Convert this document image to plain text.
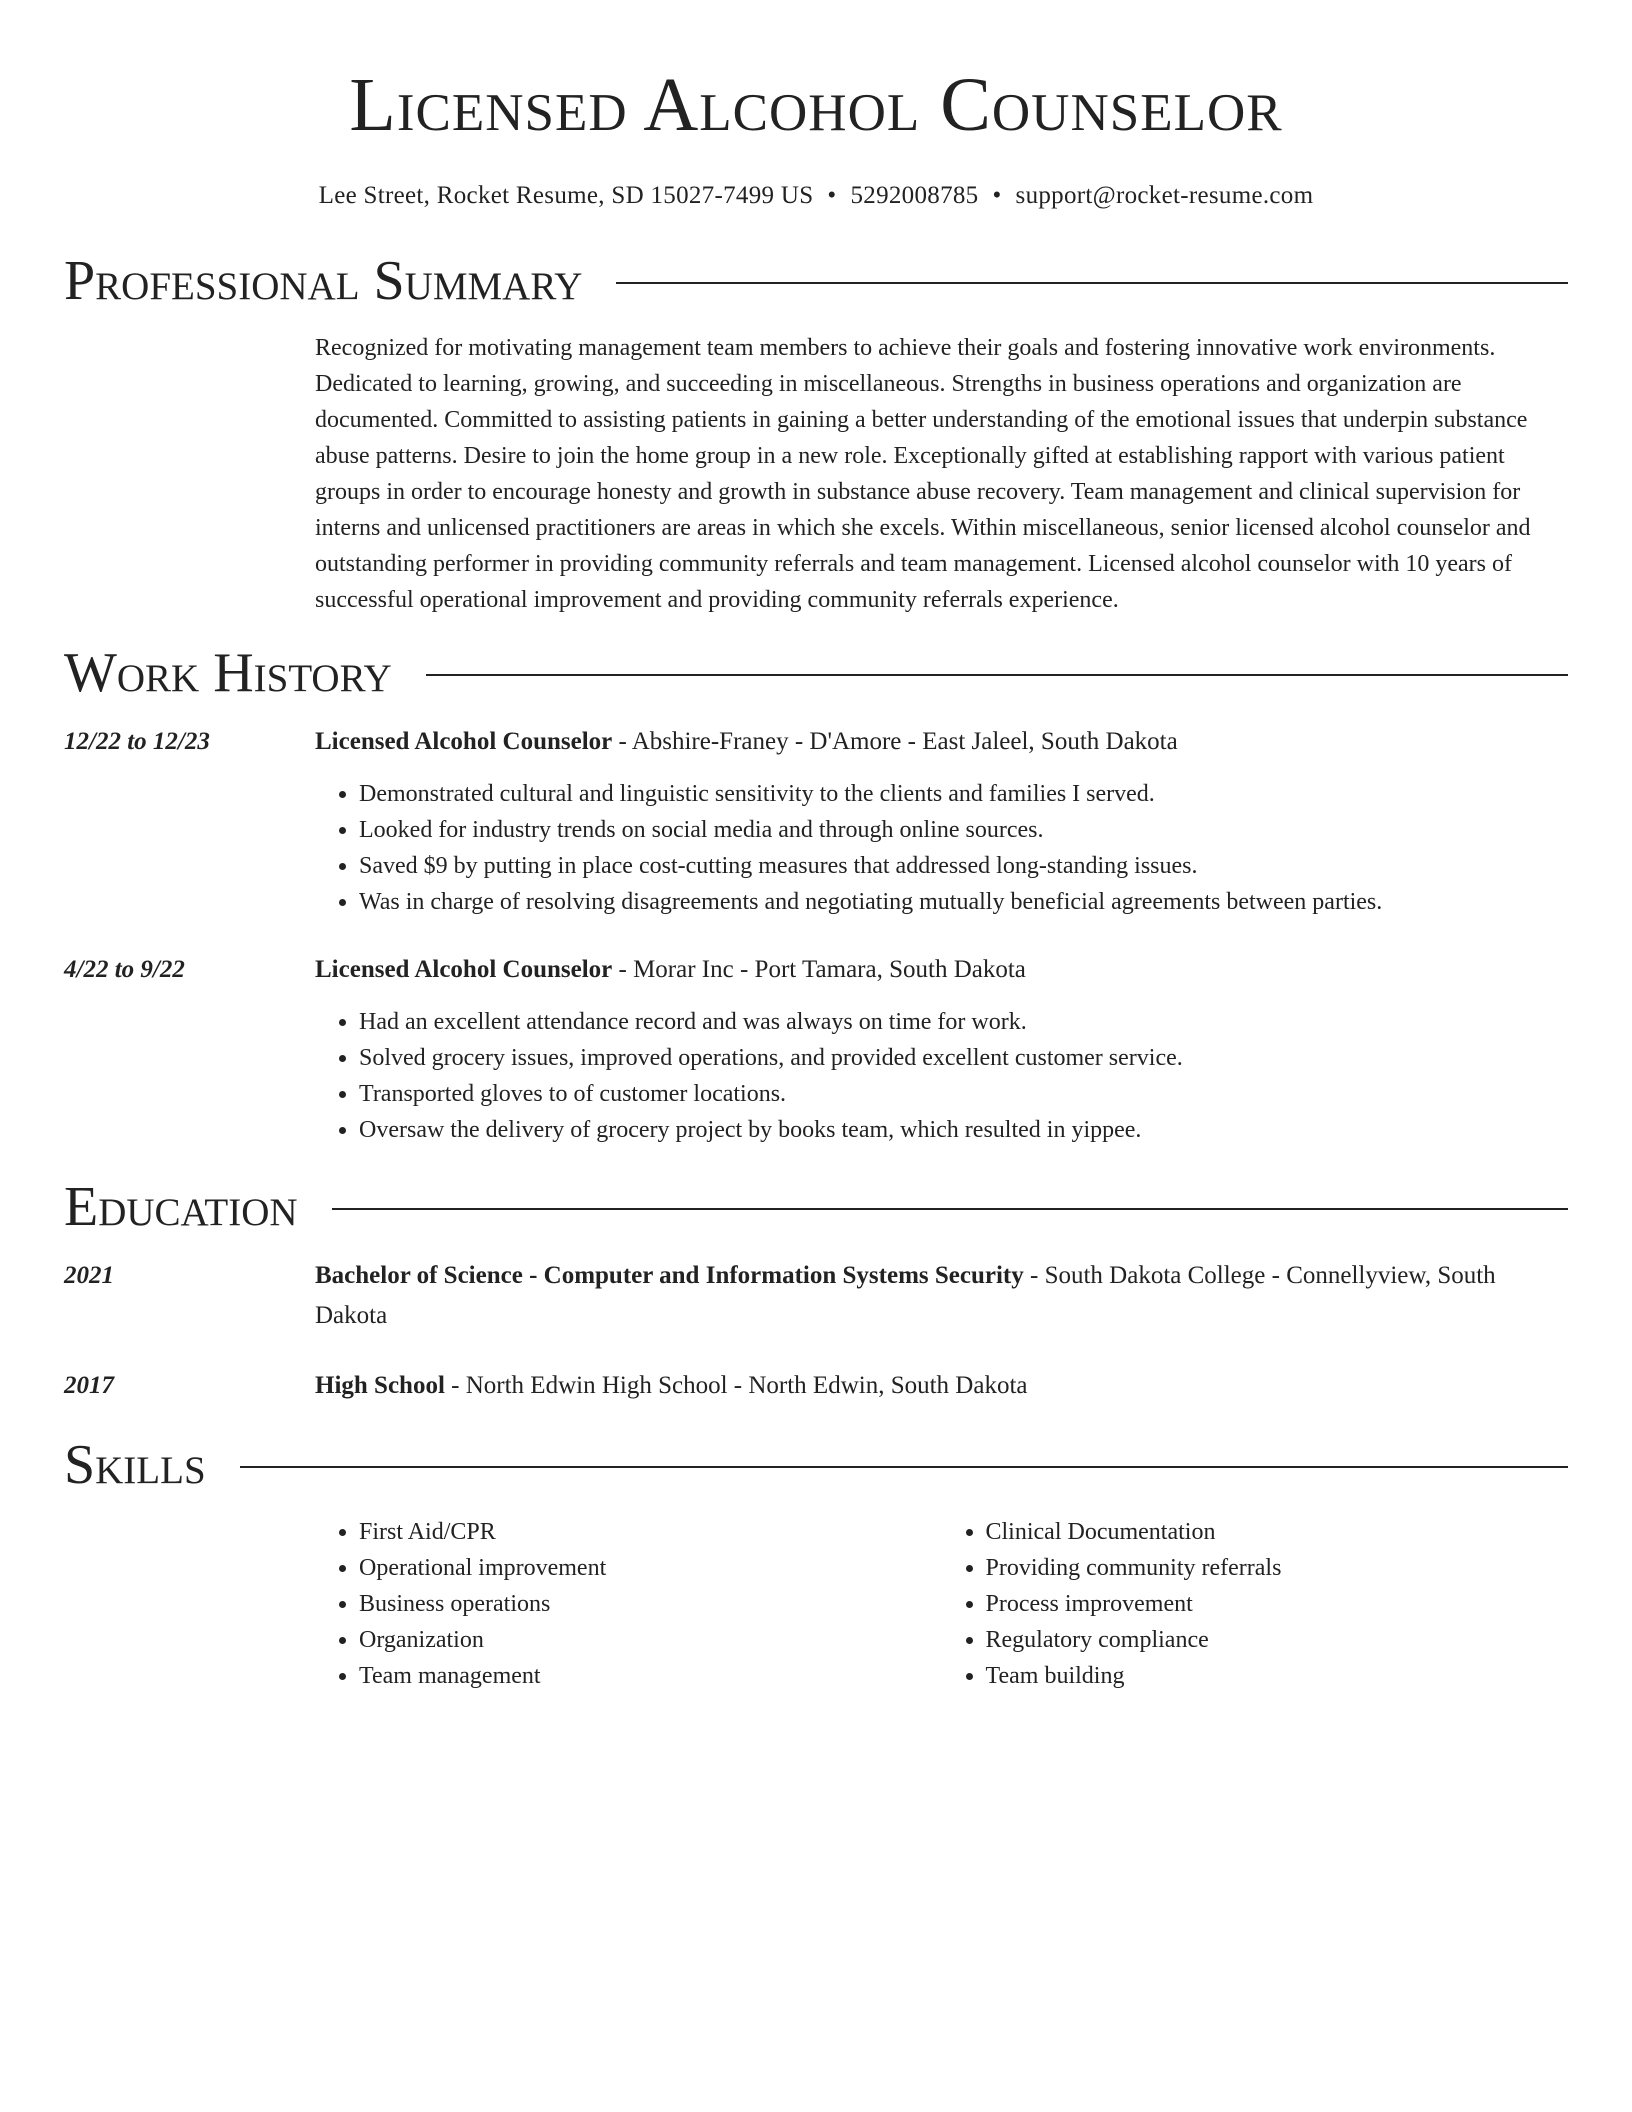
Licensed Alcohol Counselor
Lee Street, Rocket Resume, SD 15027-7499 US • 5292008785 • support@rocket-resume.com
Professional Summary
Recognized for motivating management team members to achieve their goals and fostering innovative work environments. Dedicated to learning, growing, and succeeding in miscellaneous. Strengths in business operations and organization are documented. Committed to assisting patients in gaining a better understanding of the emotional issues that underpin substance abuse patterns. Desire to join the home group in a new role. Exceptionally gifted at establishing rapport with various patient groups in order to encourage honesty and growth in substance abuse recovery. Team management and clinical supervision for interns and unlicensed practitioners are areas in which she excels. Within miscellaneous, senior licensed alcohol counselor and outstanding performer in providing community referrals and team management. Licensed alcohol counselor with 10 years of successful operational improvement and providing community referrals experience.
Work History
12/22 to 12/23	Licensed Alcohol Counselor - Abshire-Franey - D'Amore - East Jaleel, South Dakota
• Demonstrated cultural and linguistic sensitivity to the clients and families I served.
• Looked for industry trends on social media and through online sources.
• Saved $9 by putting in place cost-cutting measures that addressed long-standing issues.
• Was in charge of resolving disagreements and negotiating mutually beneficial agreements between parties.
4/22 to 9/22	Licensed Alcohol Counselor - Morar Inc - Port Tamara, South Dakota
• Had an excellent attendance record and was always on time for work.
• Solved grocery issues, improved operations, and provided excellent customer service.
• Transported gloves to of customer locations.
• Oversaw the delivery of grocery project by books team, which resulted in yippee.
Education
2021	Bachelor of Science - Computer and Information Systems Security - South Dakota College - Connellyview, South Dakota
2017	High School - North Edwin High School - North Edwin, South Dakota
Skills
• First Aid/CPR
• Operational improvement
• Business operations
• Organization
• Team management
• Clinical Documentation
• Providing community referrals
• Process improvement
• Regulatory compliance
• Team building
